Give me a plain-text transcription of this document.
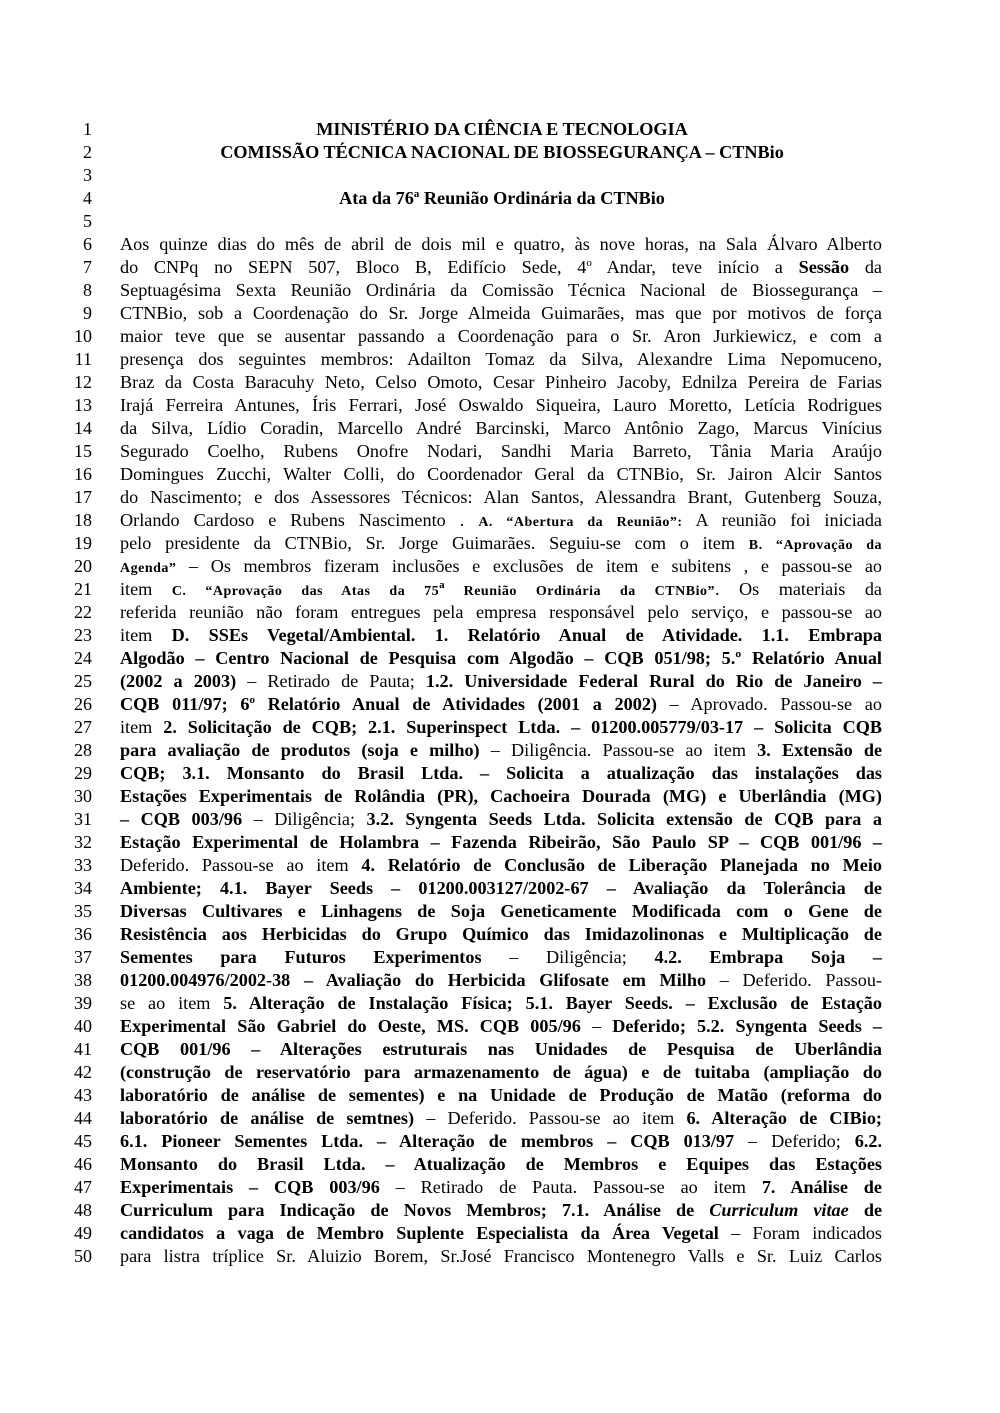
1
2
3
4
5
6
7
8
9
10
11
12
13
14
15
16
17
18
19
20
21
22
23
24
25
26
27
28
29
30
31
32
33
34
35
36
37
38
39
40
41
42
43
44
45
46
47
48
49
50
MINISTÉRIO DA CIÊNCIA E TECNOLOGIA
COMISSÃO TÉCNICA NACIONAL DE BIOSSEGURANÇA – CTNBio
Ata da 76ª Reunião Ordinária da CTNBio
Aos quinze dias do mês de abril de dois mil e quatro, às nove horas, na Sala Álvaro Alberto
do CNPq no SEPN 507, Bloco B, Edifício Sede, 4$^o$ Andar, teve início a Sessão da
Septuagésima Sexta Reunião Ordinária da Comissão Técnica Nacional de Biossegurança –
CTNBio, sob a Coordenação do Sr. Jorge Almeida Guimarães, mas que por motivos de força
maior teve que se ausentar passando a Coordenação para o Sr. Aron Jurkiewicz, e com a
presença dos seguintes membros: Adailton Tomaz da Silva, Alexandre Lima Nepomuceno,
Braz da Costa Baracuhy Neto, Celso Omoto, Cesar Pinheiro Jacoby, Ednilza Pereira de Farias
Irajá Ferreira Antunes, Íris Ferrari, José Oswaldo Siqueira, Lauro Moretto, Letícia Rodrigues
da Silva, Lídio Coradin, Marcello André Barcinski, Marco Antônio Zago, Marcus Vinícius
Segurado Coelho, Rubens Onofre Nodari, Sandhi Maria Barreto, Tânia Maria Araújo
Domingues Zucchi, Walter Colli, do Coordenador Geral da CTNBio, Sr. Jairon Alcir Santos
do Nascimento; e dos Assessores Técnicos: Alan Santos, Alessandra Brant, Gutenberg Souza,
Orlando Cardoso e Rubens Nascimento . A. “Abertura da Reunião”: A reunião foi iniciada
pelo presidente da CTNBio, Sr. Jorge Guimarães. Seguiu-se com o item B. “Aprovação da
Agenda” – Os membros fizeram inclusões e exclusões de item e subitens , e passou-se ao
item C. “Aprovação das Atas da 75$^a$ Reunião Ordinária da CTNBio”. Os materiais da
referida reunião não foram entregues pela empresa responsável pelo serviço, e passou-se ao
item D. SSEs Vegetal/Ambiental. 1. Relatório Anual de Atividade. 1.1. Embrapa
Algodão – Centro Nacional de Pesquisa com Algodão – CQB 051/98; 5.º Relatório Anual
(2002 a 2003) – Retirado de Pauta; 1.2. Universidade Federal Rural do Rio de Janeiro –
CQB 011/97; 6$^o$ Relatório Anual de Atividades (2001 a 2002) – Aprovado. Passou-se ao
item 2. Solicitação de CQB; 2.1. Superinspect Ltda. – 01200.005779/03-17 – Solicita CQB
para avaliação de produtos (soja e milho) – Diligência. Passou-se ao item 3. Extensão de
CQB; 3.1. Monsanto do Brasil Ltda. – Solicita a atualização das instalações das
Estações Experimentais de Rolândia (PR), Cachoeira Dourada (MG) e Uberlândia (MG)
– CQB 003/96 – Diligência; 3.2. Syngenta Seeds Ltda. Solicita extensão de CQB para a
Estação Experimental de Holambra – Fazenda Ribeirão, São Paulo SP – CQB 001/96 –
Deferido. Passou-se ao item 4. Relatório de Conclusão de Liberação Planejada no Meio
Ambiente; 4.1. Bayer Seeds – 01200.003127/2002-67 – Avaliação da Tolerância de
Diversas Cultivares e Linhagens de Soja Geneticamente Modificada com o Gene de
Resistência aos Herbicidas do Grupo Químico das Imidazolinonas e Multiplicação de
Sementes para Futuros Experimentos – Diligência; 4.2. Embrapa Soja –
01200.004976/2002-38 – Avaliação do Herbicida Glifosate em Milho – Deferido. Passou-
se ao item 5. Alteração de Instalação Física; 5.1. Bayer Seeds. – Exclusão de Estação
Experimental São Gabriel do Oeste, MS. CQB 005/96 – Deferido; 5.2. Syngenta Seeds –
CQB 001/96 – Alterações estruturais nas Unidades de Pesquisa de Uberlândia
(construção de reservatório para armazenamento de água) e de tuitaba (ampliação do
laboratório de análise de sementes) e na Unidade de Produção de Matão (reforma do
laboratório de análise de semtnes) – Deferido. Passou-se ao item 6. Alteração de CIBio;
6.1. Pioneer Sementes Ltda. – Alteração de membros – CQB 013/97 – Deferido; 6.2.
Monsanto do Brasil Ltda. – Atualização de Membros e Equipes das Estações
Experimentais – CQB 003/96 – Retirado de Pauta. Passou-se ao item 7. Análise de
Curriculum para Indicação de Novos Membros; 7.1. Análise de Curriculum vitae de
candidatos a vaga de Membro Suplente Especialista da Área Vegetal – Foram indicados
para listra tríplice Sr. Aluizio Borem, Sr.José Francisco Montenegro Valls e Sr. Luiz Carlos
